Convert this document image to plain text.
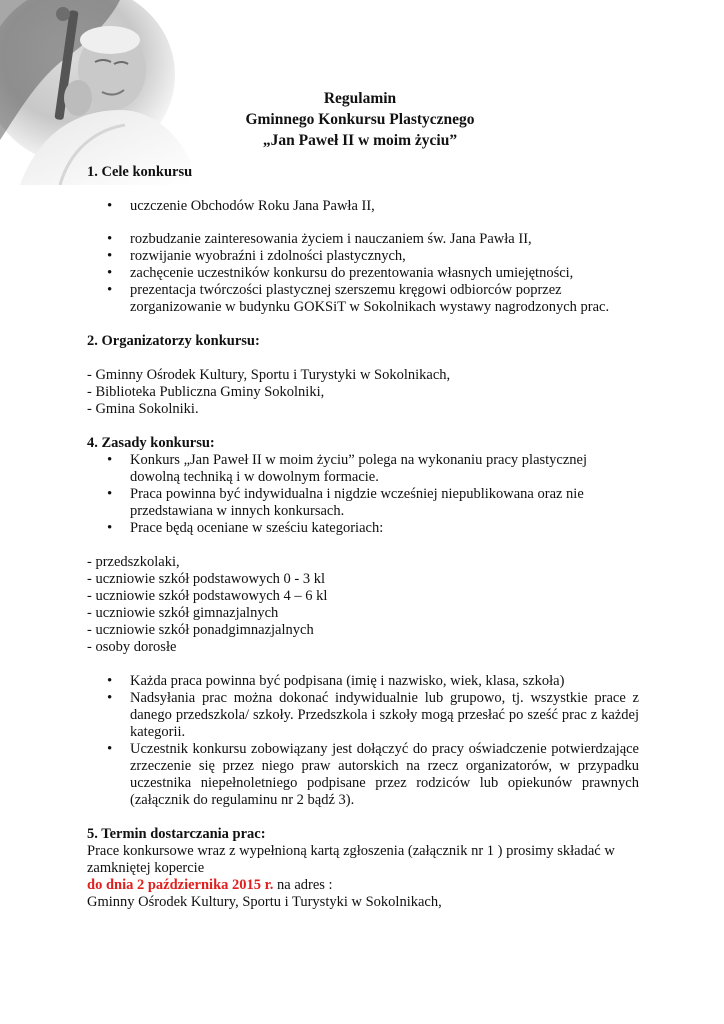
Regulamin
Gminnego Konkursu Plastycznego
„Jan Paweł II w moim życiu”

1. Cele konkursu

• uczczenie Obchodów Roku Jana Pawła II,
• rozbudzanie zainteresowania życiem i nauczaniem św. Jana Pawła II,
• rozwijanie wyobraźni i zdolności plastycznych,
• zachęcenie uczestników konkursu do prezentowania własnych umiejętności,
• prezentacja twórczości plastycznej szerszemu kręgowi odbiorców poprzez zorganizowanie w budynku GOKSiT w Sokolnikach wystawy nagrodzonych prac.

2. Organizatorzy konkursu:

- Gminny Ośrodek Kultury, Sportu i Turystyki w Sokolnikach,

- Biblioteka Publiczna Gminy Sokolniki,

- Gmina Sokolniki.

4. Zasady konkursu:

• Konkurs „Jan Paweł II w moim życiu” polega na wykonaniu pracy plastycznej dowolną techniką i w dowolnym formacie.
• Praca powinna być indywidualna i nigdzie wcześniej niepublikowana oraz nie przedstawiana w innych konkursach.
• Prace będą oceniane w sześciu kategoriach:

- przedszkolaki,

- uczniowie szkół podstawowych 0 - 3 kl

- uczniowie szkół podstawowych 4 – 6 kl

- uczniowie szkół gimnazjalnych

- uczniowie szkół ponadgimnazjalnych

- osoby dorosłe

• Każda praca powinna być podpisana (imię i nazwisko, wiek, klasa, szkoła)
• Nadsyłania prac można dokonać indywidualnie lub grupowo, tj. wszystkie prace z danego przedszkola/ szkoły. Przedszkola i szkoły mogą przesłać po sześć prac z każdej kategorii.
• Uczestnik konkursu zobowiązany jest dołączyć do pracy oświadczenie potwierdzające zrzeczenie się przez niego praw autorskich na rzecz organizatorów, w przypadku uczestnika niepełnoletniego podpisane przez rodziców lub opiekunów prawnych (załącznik do regulaminu nr 2 bądź 3).

5. Termin dostarczania prac:

Prace konkursowe wraz z wypełnioną kartą zgłoszenia (załącznik nr 1 ) prosimy składać w zamkniętej kopercie

do dnia 2 października 2015 r. na adres :

Gminny Ośrodek Kultury, Sportu i Turystyki w Sokolnikach,
